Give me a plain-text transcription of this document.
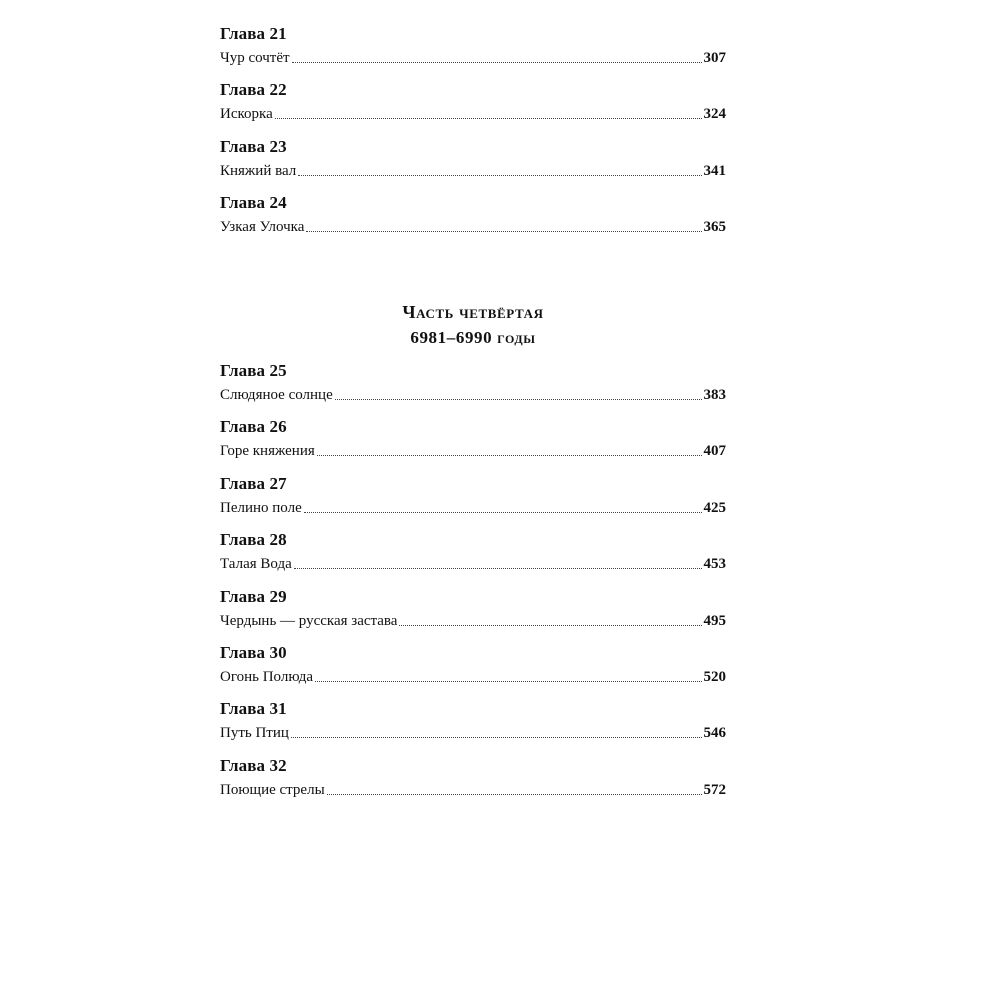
Глава 21
Чур сочтёт	307
Глава 22
Искорка	324
Глава 23
Княжий вал	341
Глава 24
Узкая Улочка	365
Часть четвёртая
6981–6990 годы
Глава 25
Слюдяное солнце	383
Глава 26
Горе княжения	407
Глава 27
Пелино поле	425
Глава 28
Талая Вода	453
Глава 29
Чердынь — русская застава	495
Глава 30
Огонь Полюда	520
Глава 31
Путь Птиц	546
Глава 32
Поющие стрелы	572
